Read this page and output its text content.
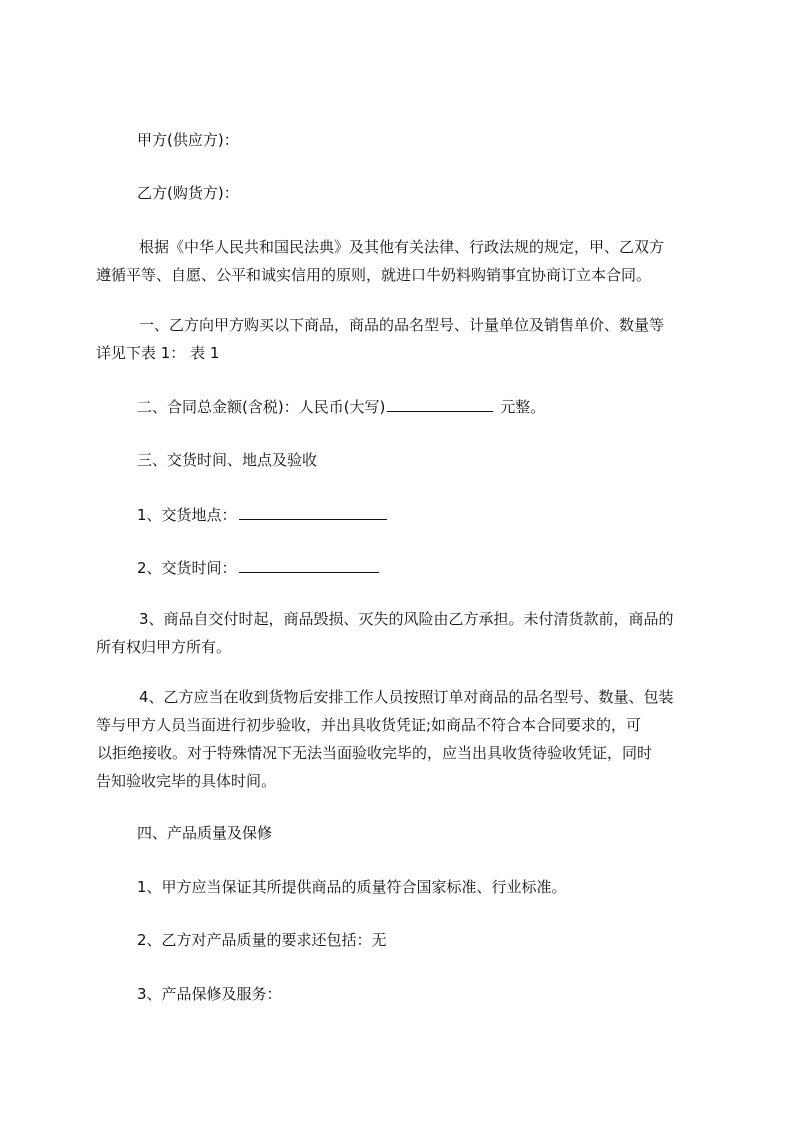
甲方(供应方)：
乙方(购货方)：
根据《中华人民共和国民法典》及其他有关法律、行政法规的规定，甲、乙双方
遵循平等、自愿、公平和诚实信用的原则，就进口牛奶料购销事宜协商订立本合同。
一、乙方向甲方购买以下商品，商品的品名型号、计量单位及销售单价、数量等
详见下表 1： 表 1
二、合同总金额(含税)：人民币(大写)	元整。
三、交货时间、地点及验收
1、交货地点：
2、交货时间：
3、商品自交付时起，商品毁损、灭失的风险由乙方承担。未付清货款前，商品的
所有权归甲方所有。
4、乙方应当在收到货物后安排工作人员按照订单对商品的品名型号、数量、包装
等与甲方人员当面进行初步验收，并出具收货凭证;如商品不符合本合同要求的，可
以拒绝接收。对于特殊情况下无法当面验收完毕的，应当出具收货待验收凭证，同时
告知验收完毕的具体时间。
四、产品质量及保修
1、甲方应当保证其所提供商品的质量符合国家标准、行业标准。
2、乙方对产品质量的要求还包括：无
3、产品保修及服务：
